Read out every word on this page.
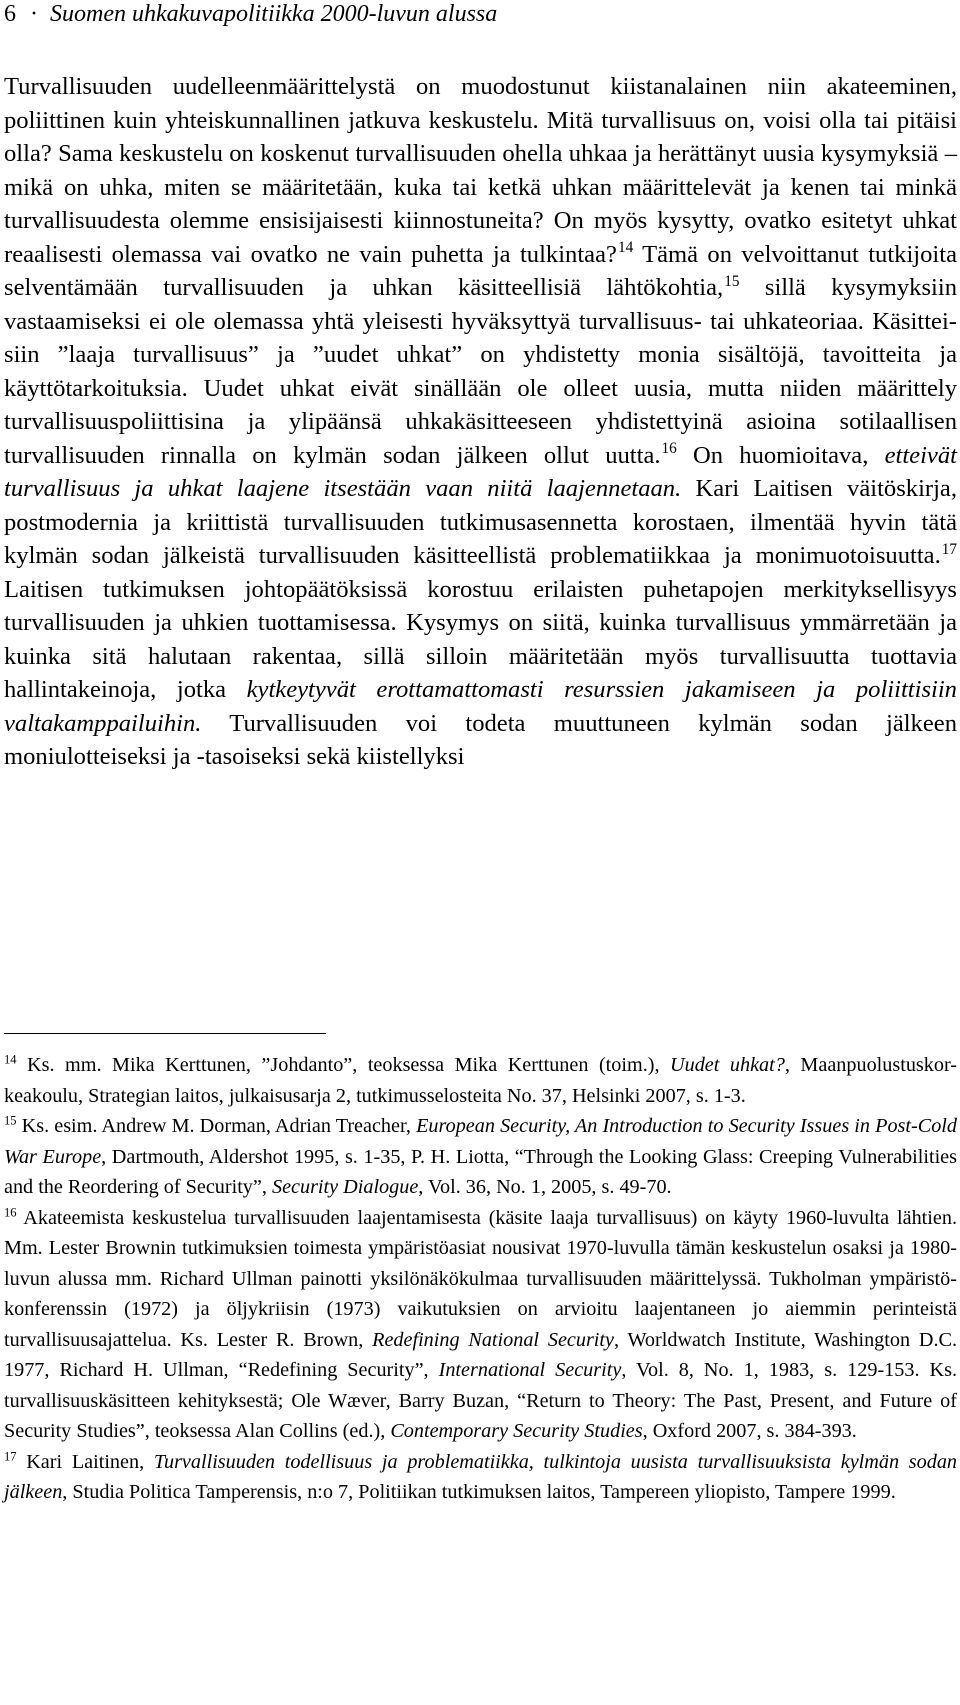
6 · Suomen uhkakuvapolitiikka 2000-luvun alussa

Turvallisuuden uudelleenmäärittelystä on muodostunut kiistanalainen niin akateeminen, poliittinen kuin yhteiskunnallinen jatkuva keskustelu. Mitä turvallisuus on, voisi olla tai pitäisi olla? Sama keskustelu on koskenut turvallisuuden ohella uhkaa ja herättänyt uusia kysymyksiä – mikä on uhka, miten se määritetään, kuka tai ketkä uhkan määrittelevät ja kenen tai minkä turvallisuudesta olemme ensisijaisesti kiinnostuneita? On myös kysytty, ovatko esitetyt uhkat reaalisesti olemassa vai ovatko ne vain puhetta ja tulkintaa?$^{14}$ Tämä on velvoittanut tutkijoita selventämään turvallisuuden ja uhkan käsitteellisiä lähtökohtia,$^{15}$ sillä kysymyksiin vastaamiseksi ei ole olemassa yhtä yleisesti hyväksyttyä turvallisuus- tai uhkateoriaa. Käsitteisiin ”laaja turvallisuus” ja ”uudet uhkat” on yhdistetty monia sisältöjä, tavoitteita ja käyttötarkoituksia. Uudet uhkat eivät sinällään ole olleet uusia, mutta niiden määrittely turvallisuuspoliittisina ja ylipäänsä uhkakäsitteeseen yhdistettyinä asioina sotilaallisen turvallisuuden rinnalla on kylmän sodan jälkeen ollut uutta.$^{16}$ On huomioitava, etteivät turvallisuus ja uhkat laajene itsestään vaan niitä laajennetaan. Kari Laitisen väitöskirja, postmodernia ja kriittistä turvallisuuden tutkimusasennetta korostaen, ilmentää hyvin tätä kylmän sodan jälkeistä turvallisuuden käsitteellistä problematiikkaa ja monimuotoisuutta.$^{17}$ Laitisen tutkimuksen johtopäätöksissä korostuu erilaisten puhetapojen merkityksellisyys turvallisuuden ja uhkien tuottamisessa. Kysymys on siitä, kuinka turvallisuus ymmärretään ja kuinka sitä halutaan rakentaa, sillä silloin määritetään myös turvallisuutta tuottavia hallintakeinoja, jotka kytkeytyvät erottamattomasti resurssien jakamiseen ja poliittisiin valtakamppailuihin. Turvallisuuden voi todeta muuttuneen kylmän sodan jälkeen moniulotteiseksi ja -tasoiseksi sekä kiistellyksi

$^{14}$ Ks. mm. Mika Kerttunen, ”Johdanto”, teoksessa Mika Kerttunen (toim.), Uudet uhkat?, Maanpuolustuskor-keakoulu, Strategian laitos, julkaisusarja 2, tutkimusselosteita No. 37, Helsinki 2007, s. 1-3.

$^{15}$ Ks. esim. Andrew M. Dorman, Adrian Treacher, European Security, An Introduction to Security Issues in Post-Cold War Europe, Dartmouth, Aldershot 1995, s. 1-35, P. H. Liotta, “Through the Looking Glass: Creeping Vulnerabilities and the Reordering of Security”, Security Dialogue, Vol. 36, No. 1, 2005, s. 49-70.

$^{16}$ Akateemista keskustelua turvallisuuden laajentamisesta (käsite laaja turvallisuus) on käyty 1960-luvulta lähtien. Mm. Lester Brownin tutkimuksien toimesta ympäristöasiat nousivat 1970-luvulla tämän keskustelun osaksi ja 1980-luvun alussa mm. Richard Ullman painotti yksilönäkökulmaa turvallisuuden määrittelyssä. Tukholman ympäristökonferenssin (1972) ja öljykriisin (1973) vaikutuksien on arvioitu laajentaneen jo aiemmin perinteistä turvallisuusajattelua. Ks. Lester R. Brown, Redefining National Security, Worldwatch Institute, Washington D.C. 1977, Richard H. Ullman, “Redefining Security”, International Security, Vol. 8, No. 1, 1983, s. 129-153. Ks. turvallisuuskäsitteen kehityksestä; Ole Wæver, Barry Buzan, “Return to Theory: The Past, Present, and Future of Security Studies”, teoksessa Alan Collins (ed.), Contemporary Security Studies, Oxford 2007, s. 384-393.

$^{17}$ Kari Laitinen, Turvallisuuden todellisuus ja problematiikka, tulkintoja uusista turvallisuuksista kylmän sodan jälkeen, Studia Politica Tamperensis, n:o 7, Politiikan tutkimuksen laitos, Tampereen yliopisto, Tampere 1999.
